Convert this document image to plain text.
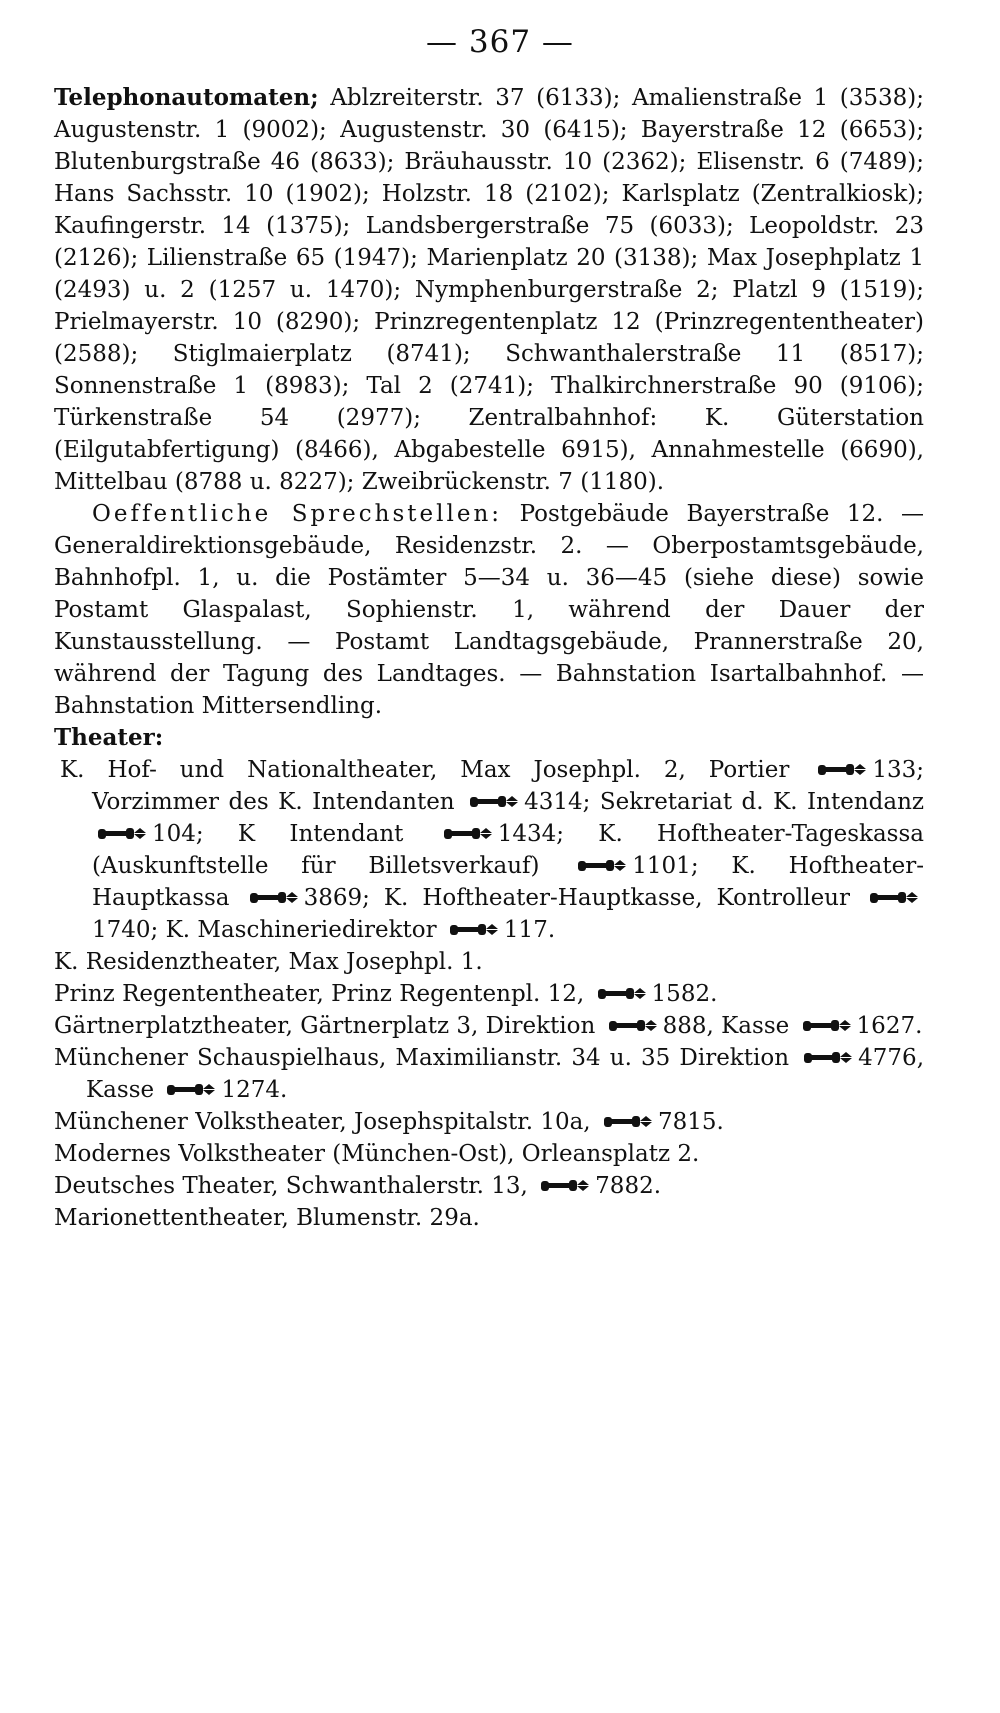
— 367 —

Telephonautomaten; Ablzreiterstr. 37 (6133); Amalienstraße 1 (3538); Augustenstr. 1 (9002); Augustenstr. 30 (6415); Bayerstraße 12 (6653); Blutenburgstraße 46 (8633); Bräuhausstr. 10 (2362); Elisenstr. 6 (7489); Hans Sachsstr. 10 (1902); Holzstr. 18 (2102); Karlsplatz (Zentralkiosk); Kaufingerstr. 14 (1375); Landsbergerstraße 75 (6033); Leopoldstr. 23 (2126); Lilienstraße 65 (1947); Marienplatz 20 (3138); Max Josephplatz 1 (2493) u. 2 (1257 u. 1470); Nymphenburgerstraße 2; Platzl 9 (1519); Prielmayerstr. 10 (8290); Prinzregentenplatz 12 (Prinzregententheater) (2588); Stiglmaierplatz (8741); Schwanthalerstraße 11 (8517); Sonnenstraße 1 (8983); Tal 2 (2741); Thalkirchnerstraße 90 (9106); Türkenstraße 54 (2977); Zentralbahnhof: K. Güterstation (Eilgutabfertigung) (8466), Abgabestelle 6915), Annahmestelle (6690), Mittelbau (8788 u. 8227); Zweibrückenstr. 7 (1180).

Oeffentliche Sprechstellen: Postgebäude Bayerstraße 12. — Generaldirektionsgebäude, Residenzstr. 2. — Oberpostamtsgebäude, Bahnhofpl. 1, u. die Postämter 5—34 u. 36—45 (siehe diese) sowie Postamt Glaspalast, Sophienstr. 1, während der Dauer der Kunstausstellung. — Postamt Landtagsgebäude, Prannerstraße 20, während der Tagung des Landtages. — Bahnstation Isartalbahnhof. — Bahnstation Mittersendling.

Theater:

K. Hof- und Nationaltheater, Max Josephpl. 2, Portier	133; Vorzimmer des K. Intendanten	4314; Sekretariat d. K. Intendanz
104; K Intendant	1434; K. Hoftheater-Tageskassa (Auskunftstelle für Billetsverkauf)	1101; K. Hoftheater-Hauptkassa	3869; K. Hoftheater-Hauptkasse, Kontrolleur
1740; K. Maschineriedirektor	117.

K. Residenztheater, Max Josephpl. 1.

Prinz Regententheater, Prinz Regentenpl. 12,	1582.

Gärtnerplatztheater, Gärtnerplatz 3, Direktion	888, Kasse	1627.

Münchener Schauspielhaus, Maximilianstr. 34 u. 35 Direktion	4776, Kasse	1274.

Münchener Volkstheater, Josephspitalstr. 10a,	7815.

Modernes Volkstheater (München-Ost), Orleansplatz 2.

Deutsches Theater, Schwanthalerstr. 13,	7882.

Marionettentheater, Blumenstr. 29a.
